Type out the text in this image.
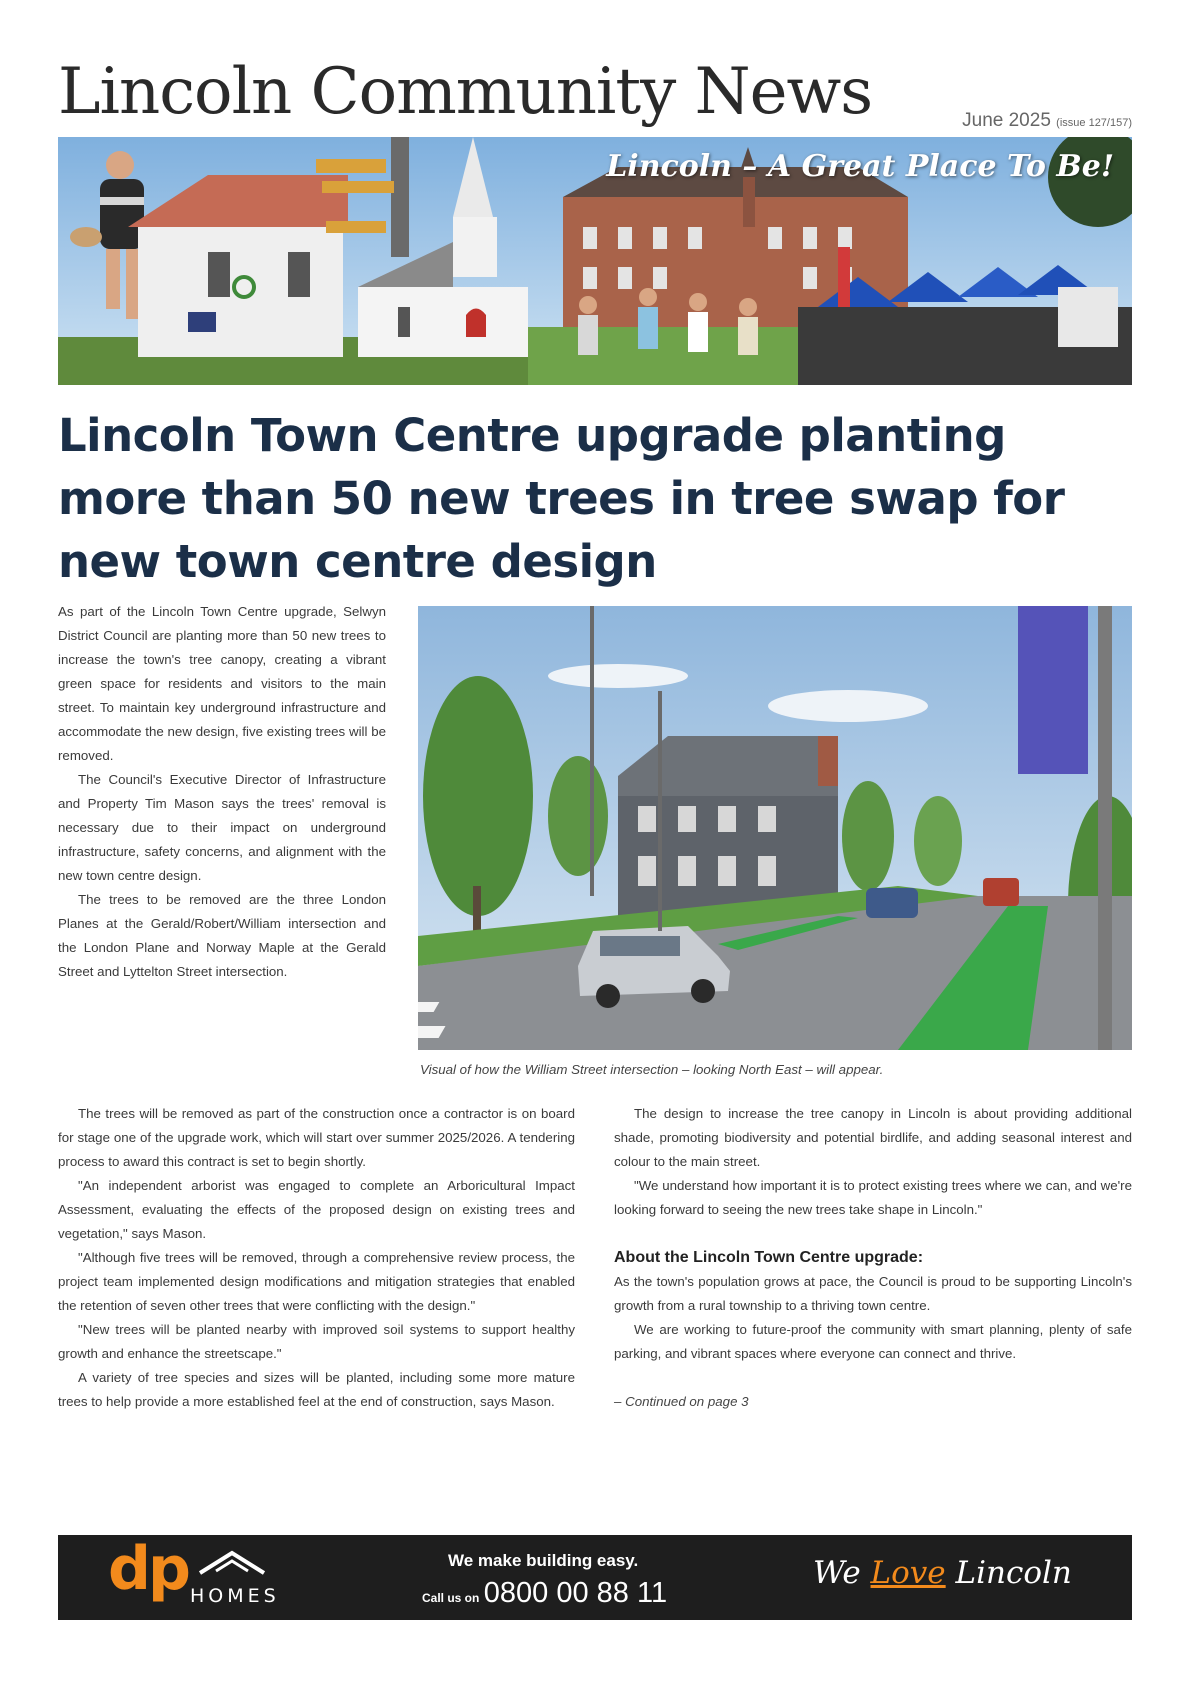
Lincoln Community News	June 2025 (issue 127/157)
Lincoln – A Great Place To Be!
Lincoln Town Centre upgrade planting more than 50 new trees in tree swap for new town centre design

As part of the Lincoln Town Centre upgrade, Selwyn District Council are planting more than 50 new trees to increase the town's tree canopy, creating a vibrant green space for residents and visitors to the main street. To maintain key underground infrastructure and accommodate the new design, five existing trees will be removed.

The Council's Executive Director of Infrastructure and Property Tim Mason says the trees' removal is necessary due to their impact on underground infrastructure, safety concerns, and alignment with the new town centre design.

The trees to be removed are the three London Planes at the Gerald/Robert/William intersection and the London Plane and Norway Maple at the Gerald Street and Lyttelton Street intersection.

Visual of how the William Street intersection – looking North East – will appear.

The trees will be removed as part of the construction once a contractor is on board for stage one of the upgrade work, which will start over summer 2025/2026. A tendering process to award this contract is set to begin shortly.

"An independent arborist was engaged to complete an Arboricultural Impact Assessment, evaluating the effects of the proposed design on existing trees and vegetation," says Mason.

"Although five trees will be removed, through a comprehensive review process, the project team implemented design modifications and mitigation strategies that enabled the retention of seven other trees that were conflicting with the design."

"New trees will be planted nearby with improved soil systems to support healthy growth and enhance the streetscape."

A variety of tree species and sizes will be planted, including some more mature trees to help provide a more established feel at the end of construction, says Mason.

The design to increase the tree canopy in Lincoln is about providing additional shade, promoting biodiversity and potential birdlife, and adding seasonal interest and colour to the main street.

"We understand how important it is to protect existing trees where we can, and we're looking forward to seeing the new trees take shape in Lincoln."

About the Lincoln Town Centre upgrade:

As the town's population grows at pace, the Council is proud to be supporting Lincoln's growth from a rural township to a thriving town centre.

We are working to future-proof the community with smart planning, plenty of safe parking, and vibrant spaces where everyone can connect and thrive.

– Continued on page 3
dp HOMES
We make building easy.
Call us on 0800 00 88 11
We Love Lincoln
